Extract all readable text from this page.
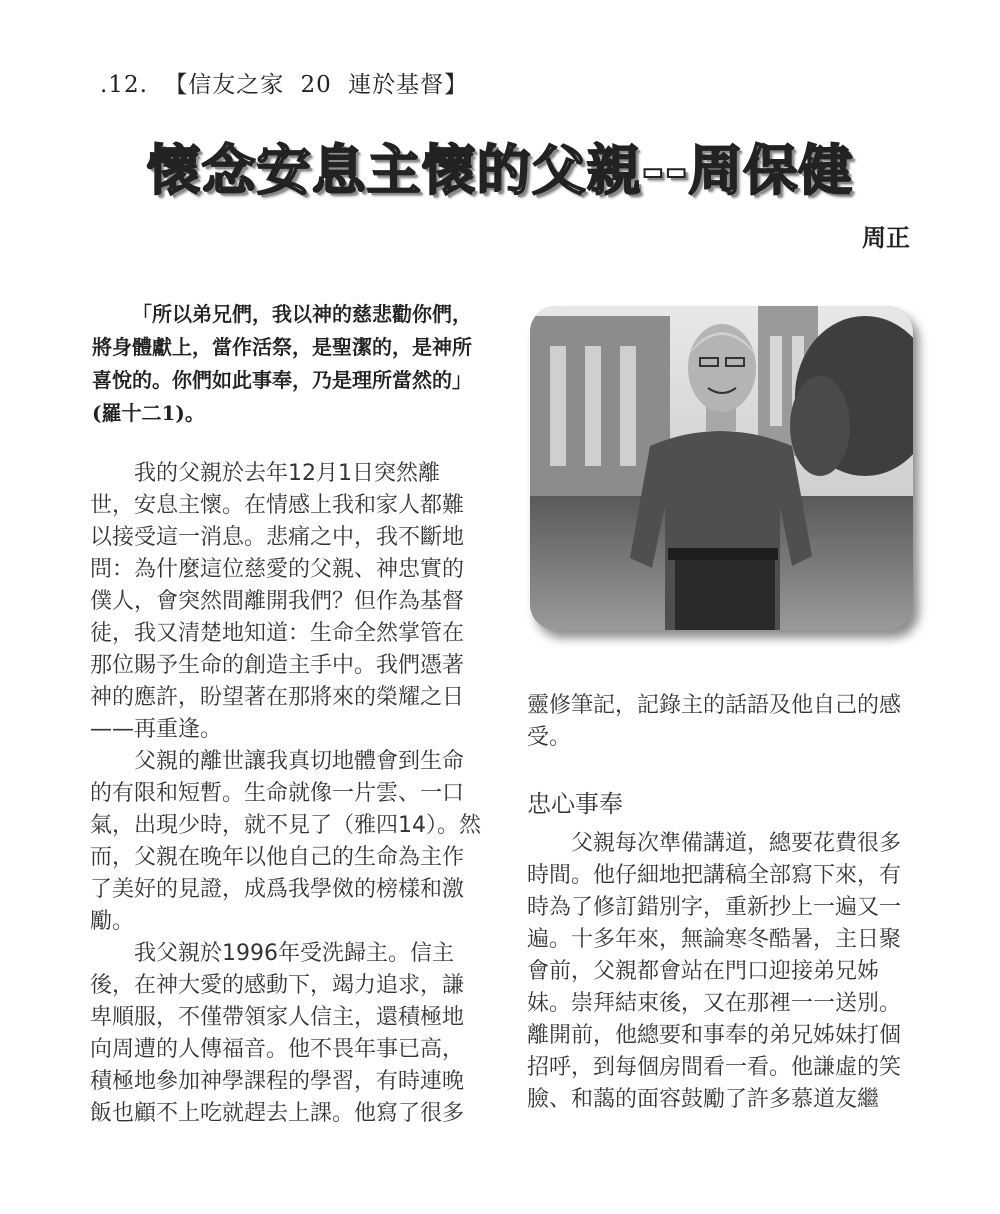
.12. 【信友之家 20 連於基督】
懷念安息主懷的父親--周保健
周正

「所以弟兄們，我以神的慈悲勸你們，將身體獻上，當作活祭，是聖潔的，是神所喜悅的。你們如此事奉，乃是理所當然的」(羅十二1)。

我的父親於去年12月1日突然離世，安息主懷。在情感上我和家人都難以接受這一消息。悲痛之中，我不斷地問：為什麼這位慈愛的父親、神忠實的僕人，會突然間離開我們？但作為基督徒，我又清楚地知道：生命全然掌管在那位賜予生命的創造主手中。我們憑著神的應許，盼望著在那將來的榮耀之日——再重逢。

父親的離世讓我真切地體會到生命的有限和短暫。生命就像一片雲、一口氣，出現少時，就不見了（雅四14）。然而，父親在晚年以他自己的生命為主作了美好的見證，成爲我學傚的榜樣和激勵。

我父親於1996年受洗歸主。信主後，在神大愛的感動下，竭力追求，謙卑順服，不僅帶領家人信主，還積極地向周遭的人傳福音。他不畏年事已高，積極地參加神學課程的學習，有時連晚飯也顧不上吃就趕去上課。他寫了很多

靈修筆記，記錄主的話語及他自己的感受。

忠心事奉

父親每次準備講道，總要花費很多時間。他仔細地把講稿全部寫下來，有時為了修訂錯別字，重新抄上一遍又一遍。十多年來，無論寒冬酷暑，主日聚會前，父親都會站在門口迎接弟兄姊妹。崇拜結束後，又在那裡一一送別。離開前，他總要和事奉的弟兄姊妹打個招呼，到每個房間看一看。他謙虛的笑臉、和藹的面容鼓勵了許多慕道友繼
